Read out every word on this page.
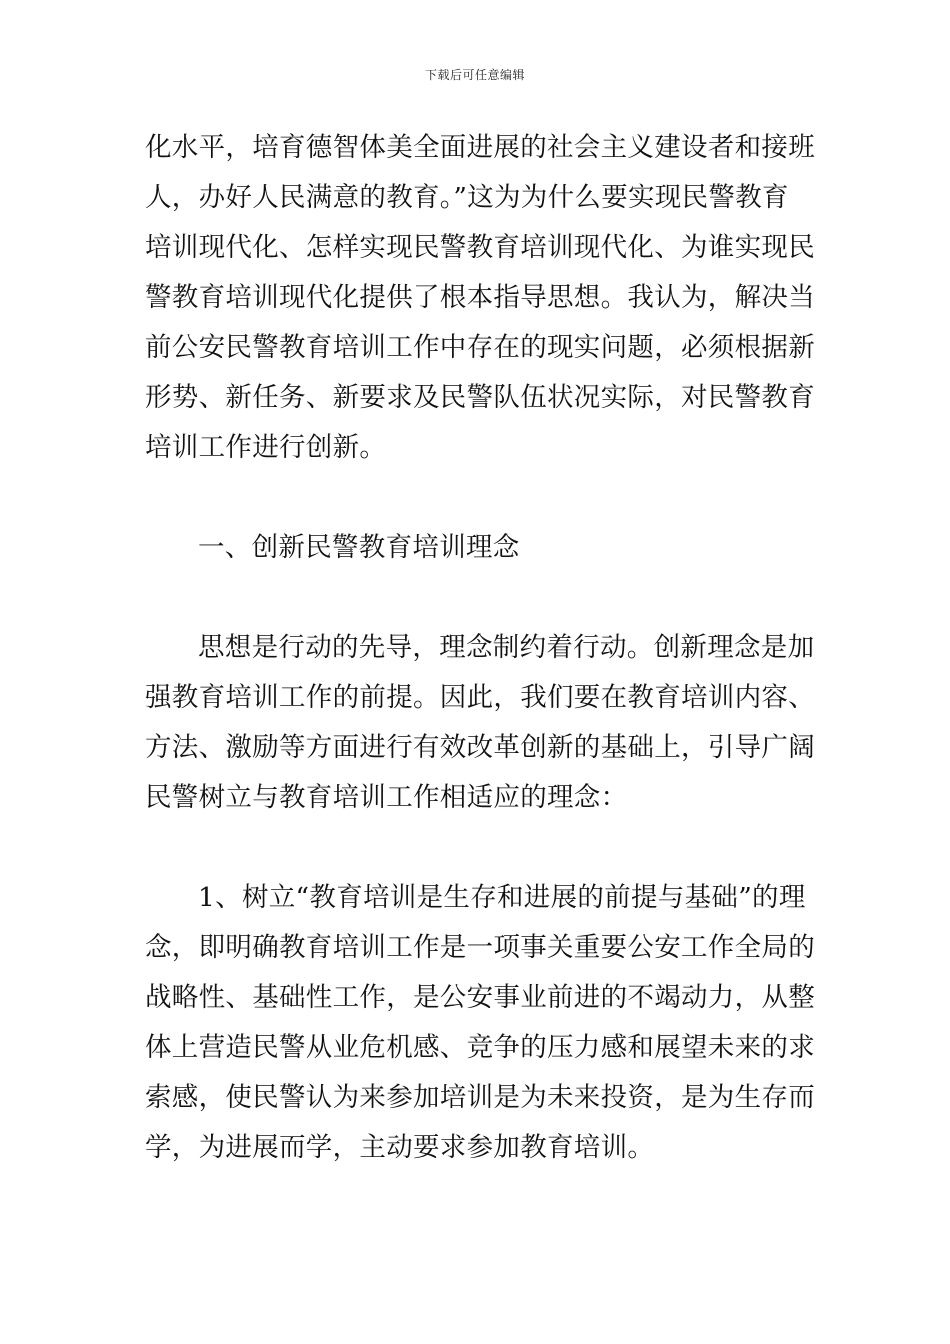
下载后可任意编辑
化水平，培育德智体美全面进展的社会主义建设者和接班
人，办好人民满意的教育。”这为为什么要实现民警教育
培训现代化、怎样实现民警教育培训现代化、为谁实现民
警教育培训现代化提供了根本指导思想。我认为，解决当
前公安民警教育培训工作中存在的现实问题，必须根据新
形势、新任务、新要求及民警队伍状况实际，对民警教育
培训工作进行创新。
一、创新民警教育培训理念
思想是行动的先导，理念制约着行动。创新理念是加
强教育培训工作的前提。因此，我们要在教育培训内容、
方法、激励等方面进行有效改革创新的基础上，引导广阔
民警树立与教育培训工作相适应的理念：
1、树立“教育培训是生存和进展的前提与基础”的理
念，即明确教育培训工作是一项事关重要公安工作全局的
战略性、基础性工作，是公安事业前进的不竭动力，从整
体上营造民警从业危机感、竞争的压力感和展望未来的求
索感，使民警认为来参加培训是为未来投资，是为生存而
学，为进展而学，主动要求参加教育培训。
